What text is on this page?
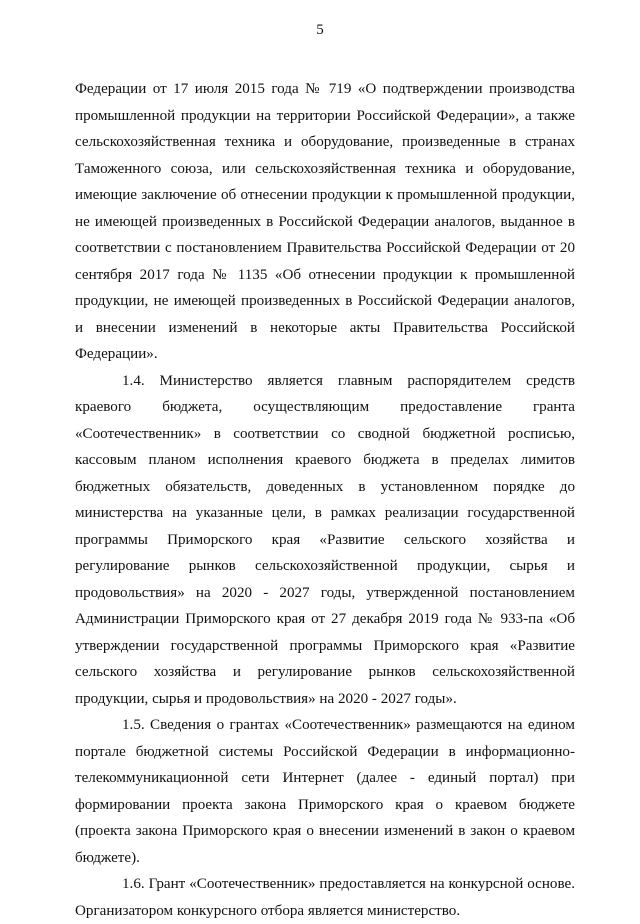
5

Федерации от 17 июля 2015 года № 719 «О подтверждении производства промышленной продукции на территории Российской Федерации», а также сельскохозяйственная техника и оборудование, произведенные в странах Таможенного союза, или сельскохозяйственная техника и оборудование, имеющие заключение об отнесении продукции к промышленной продукции, не имеющей произведенных в Российской Федерации аналогов, выданное в соответствии с постановлением Правительства Российской Федерации от 20 сентября 2017 года № 1135 «Об отнесении продукции к промышленной продукции, не имеющей произведенных в Российской Федерации аналогов, и внесении изменений в некоторые акты Правительства Российской Федерации».

1.4. Министерство является главным распорядителем средств краевого бюджета, осуществляющим предоставление гранта «Соотечественник» в соответствии со сводной бюджетной росписью, кассовым планом исполнения краевого бюджета в пределах лимитов бюджетных обязательств, доведенных в установленном порядке до министерства на указанные цели, в рамках реализации государственной программы Приморского края «Развитие сельского хозяйства и регулирование рынков сельскохозяйственной продукции, сырья и продовольствия» на 2020 - 2027 годы, утвержденной постановлением Администрации Приморского края от 27 декабря 2019 года № 933-па «Об утверждении государственной программы Приморского края «Развитие сельского хозяйства и регулирование рынков сельскохозяйственной продукции, сырья и продовольствия» на 2020 - 2027 годы».

1.5. Сведения о грантах «Соотечественник» размещаются на едином портале бюджетной системы Российской Федерации в информационно-телекоммуникационной сети Интернет (далее - единый портал) при формировании проекта закона Приморского края о краевом бюджете (проекта закона Приморского края о внесении изменений в закон о краевом бюджете).

1.6. Грант «Соотечественник» предоставляется на конкурсной основе. Организатором конкурсного отбора является министерство.
